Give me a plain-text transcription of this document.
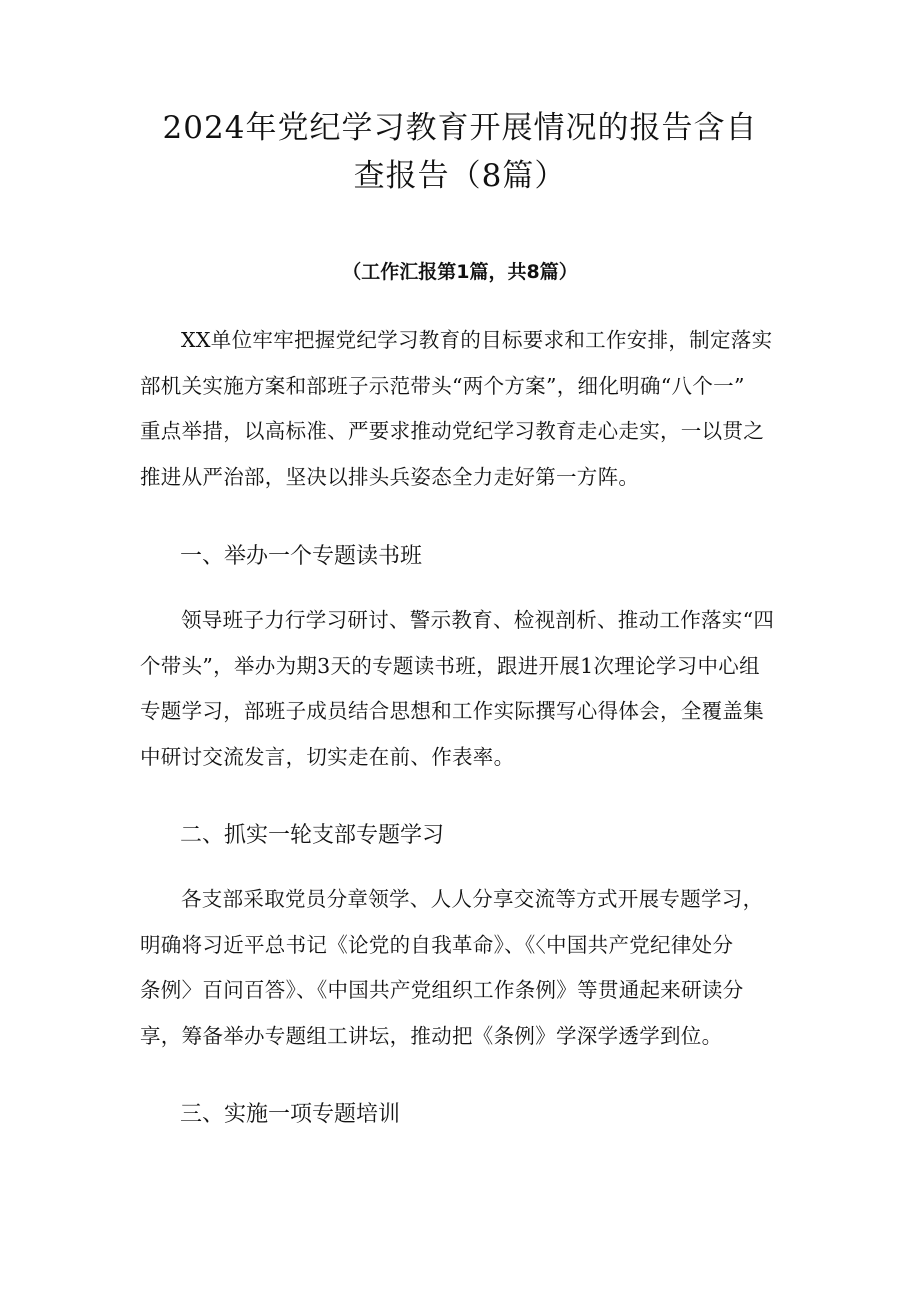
2024年党纪学习教育开展情况的报告含自
查报告（8篇）
（工作汇报第1篇，共8篇）

XX单位牢牢把握党纪学习教育的目标要求和工作安排，制定落实
部机关实施方案和部班子示范带头“两个方案”，细化明确“八个一”
重点举措，以高标准、严要求推动党纪学习教育走心走实，一以贯之
推进从严治部，坚决以排头兵姿态全力走好第一方阵。

一、举办一个专题读书班

领导班子力行学习研讨、警示教育、检视剖析、推动工作落实“四
个带头”，举办为期3天的专题读书班，跟进开展1次理论学习中心组
专题学习，部班子成员结合思想和工作实际撰写心得体会，全覆盖集
中研讨交流发言，切实走在前、作表率。

二、抓实一轮支部专题学习

各支部采取党员分章领学、人人分享交流等方式开展专题学习，
明确将习近平总书记《论党的自我革命》、《〈中国共产党纪律处分
条例〉百问百答》、《中国共产党组织工作条例》等贯通起来研读分
享，筹备举办专题组工讲坛，推动把《条例》学深学透学到位。

三、实施一项专题培训
